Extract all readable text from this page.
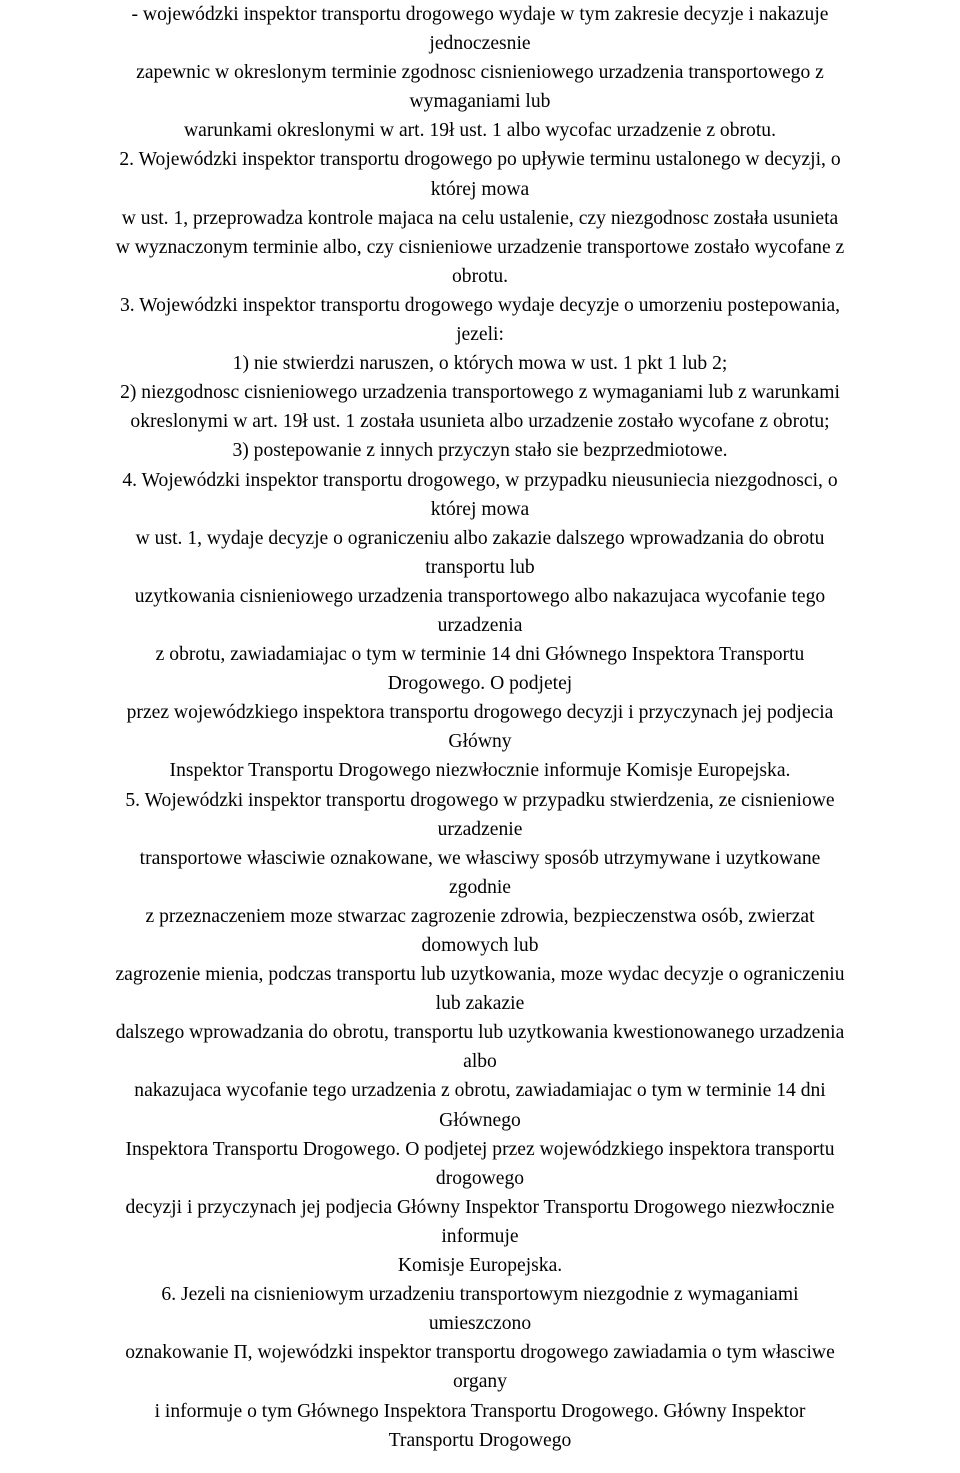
- wojewódzki inspektor transportu drogowego wydaje w tym zakresie decyzje i nakazuje
jednoczesnie
zapewnic w okreslonym terminie zgodnosc cisnieniowego urzadzenia transportowego z
wymaganiami lub
warunkami okreslonymi w art. 19ł ust. 1 albo wycofac urzadzenie z obrotu.
2. Wojewódzki inspektor transportu drogowego po upływie terminu ustalonego w decyzji, o
której mowa
w ust. 1, przeprowadza kontrole majaca na celu ustalenie, czy niezgodnosc została usunieta
w wyznaczonym terminie albo, czy cisnieniowe urzadzenie transportowe zostało wycofane z
obrotu.
3. Wojewódzki inspektor transportu drogowego wydaje decyzje o umorzeniu postepowania,
jezeli:
1) nie stwierdzi naruszen, o których mowa w ust. 1 pkt 1 lub 2;
2) niezgodnosc cisnieniowego urzadzenia transportowego z wymaganiami lub z warunkami
okreslonymi w art. 19ł ust. 1 została usunieta albo urzadzenie zostało wycofane z obrotu;
3) postepowanie z innych przyczyn stało sie bezprzedmiotowe.
4. Wojewódzki inspektor transportu drogowego, w przypadku nieusuniecia niezgodnosci, o
której mowa
w ust. 1, wydaje decyzje o ograniczeniu albo zakazie dalszego wprowadzania do obrotu
transportu lub
uzytkowania cisnieniowego urzadzenia transportowego albo nakazujaca wycofanie tego
urzadzenia
z obrotu, zawiadamiajac o tym w terminie 14 dni Głównego Inspektora Transportu
Drogowego. O podjetej
przez wojewódzkiego inspektora transportu drogowego decyzji i przyczynach jej podjecia
Główny
Inspektor Transportu Drogowego niezwłocznie informuje Komisje Europejska.
5. Wojewódzki inspektor transportu drogowego w przypadku stwierdzenia, ze cisnieniowe
urzadzenie
transportowe własciwie oznakowane, we własciwy sposób utrzymywane i uzytkowane
zgodnie
z przeznaczeniem moze stwarzac zagrozenie zdrowia, bezpieczenstwa osób, zwierzat
domowych lub
zagrozenie mienia, podczas transportu lub uzytkowania, moze wydac decyzje o ograniczeniu
lub zakazie
dalszego wprowadzania do obrotu, transportu lub uzytkowania kwestionowanego urzadzenia
albo
nakazujaca wycofanie tego urzadzenia z obrotu, zawiadamiajac o tym w terminie 14 dni
Głównego
Inspektora Transportu Drogowego. O podjetej przez wojewódzkiego inspektora transportu
drogowego
decyzji i przyczynach jej podjecia Główny Inspektor Transportu Drogowego niezwłocznie
informuje
Komisje Europejska.
6. Jezeli na cisnieniowym urzadzeniu transportowym niezgodnie z wymaganiami
umieszczono
oznakowanie Π, wojewódzki inspektor transportu drogowego zawiadamia o tym własciwe
organy
i informuje o tym Głównego Inspektora Transportu Drogowego. Główny Inspektor
Transportu Drogowego
